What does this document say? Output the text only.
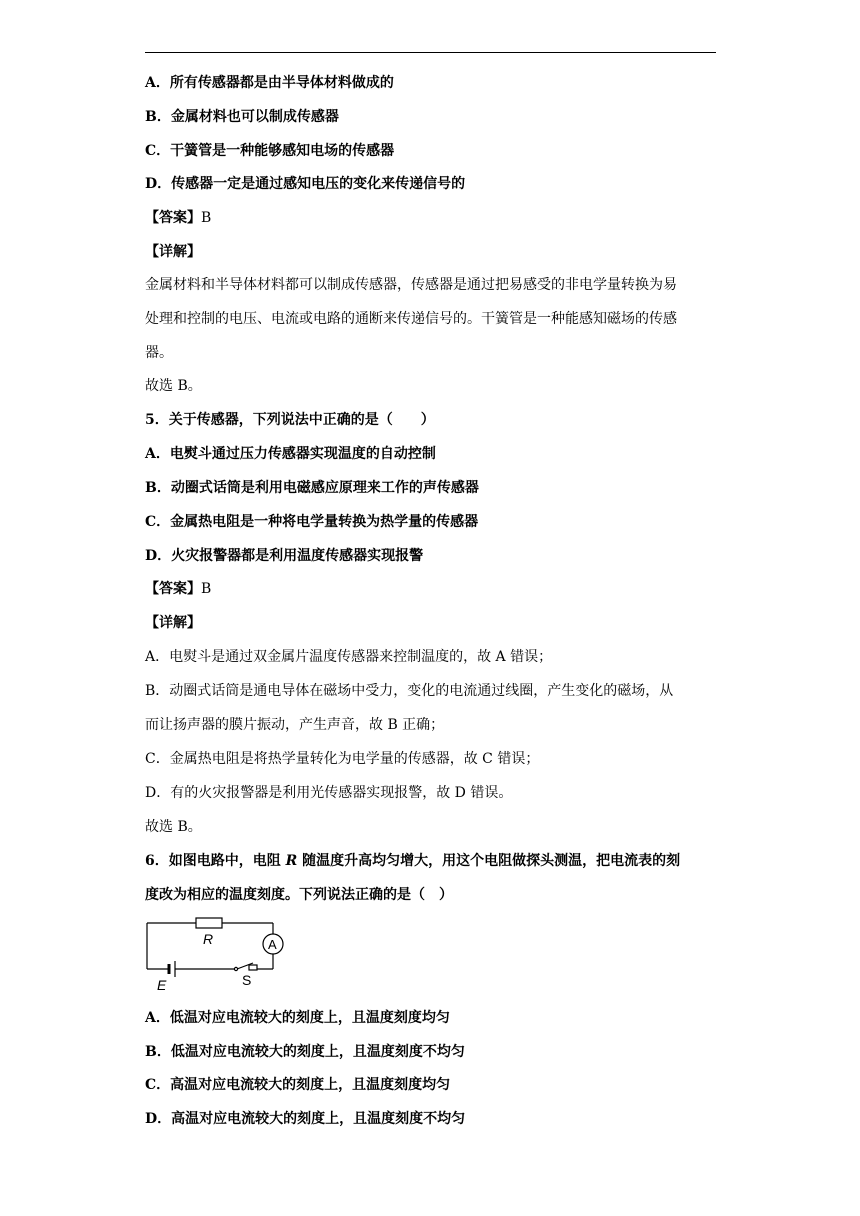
A．所有传感器都是由半导体材料做成的
B．金属材料也可以制成传感器
C．干簧管是一种能够感知电场的传感器
D．传感器一定是通过感知电压的变化来传递信号的
【答案】B
【详解】
金属材料和半导体材料都可以制成传感器，传感器是通过把易感受的非电学量转换为易
处理和控制的电压、电流或电路的通断来传递信号的。干簧管是一种能感知磁场的传感
器。
故选 B。
5．关于传感器，下列说法中正确的是（　　）
A．电熨斗通过压力传感器实现温度的自动控制
B．动圈式话筒是利用电磁感应原理来工作的声传感器
C．金属热电阻是一种将电学量转换为热学量的传感器
D．火灾报警器都是利用温度传感器实现报警
【答案】B
【详解】
A．电熨斗是通过双金属片温度传感器来控制温度的，故 A 错误；
B．动圈式话筒是通电导体在磁场中受力，变化的电流通过线圈，产生变化的磁场，从
而让扬声器的膜片振动，产生声音，故 B 正确；
C．金属热电阻是将热学量转化为电学量的传感器，故 C 错误；
D．有的火灾报警器是利用光传感器实现报警，故 D 错误。
故选 B。
6．如图电路中，电阻 R 随温度升高均匀增大，用这个电阻做探头测温，把电流表的刻
度改为相应的温度刻度。下列说法正确的是（　）
R	A
E	S
A．低温对应电流较大的刻度上，且温度刻度均匀
B．低温对应电流较大的刻度上，且温度刻度不均匀
C．高温对应电流较大的刻度上，且温度刻度均匀
D．高温对应电流较大的刻度上，且温度刻度不均匀
